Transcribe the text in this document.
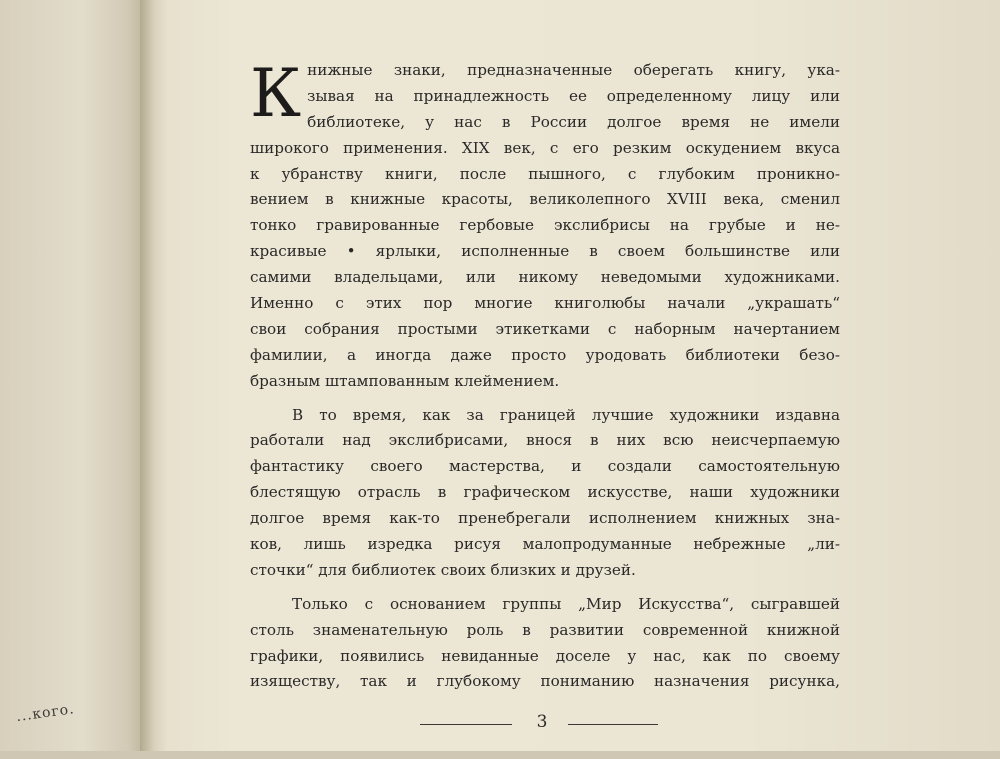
...кого.
К нижные знаки, предназначенные оберегать книгу, ука-
зывая на принадлежность ее определенному лицу или
библиотеке, у нас в России долгое время не имели
широкого применения. XIX век, с его резким оскудением вкуса
к убранству книги, после пышного, с глубоким проникно-
вением в книжные красоты, великолепного XVIII века, сменил
тонко гравированные гербовые экслибрисы на грубые и не-
красивые • ярлыки, исполненные в своем большинстве или
самими владельцами, или никому неведомыми художниками.
Именно с этих пор многие книголюбы начали „украшать“
свои собрания простыми этикетками с наборным начертанием
фамилии, а иногда даже просто уродовать библиотеки безо-
бразным штампованным клеймением.
В то время, как за границей лучшие художники издавна
работали над экслибрисами, внося в них всю неисчерпаемую
фантастику своего мастерства, и создали самостоятельную
блестящую отрасль в графическом искусстве, наши художники
долгое время как-то пренебрегали исполнением книжных зна-
ков, лишь изредка рисуя малопродуманные небрежные „ли-
сточки“ для библиотек своих близких и друзей.
Только с основанием группы „Мир Искусства“, сыгравшей
столь знаменательную роль в развитии современной книжной
графики, появились невиданные доселе у нас, как по своему
изяществу, так и глубокому пониманию назначения рисунка,
3
